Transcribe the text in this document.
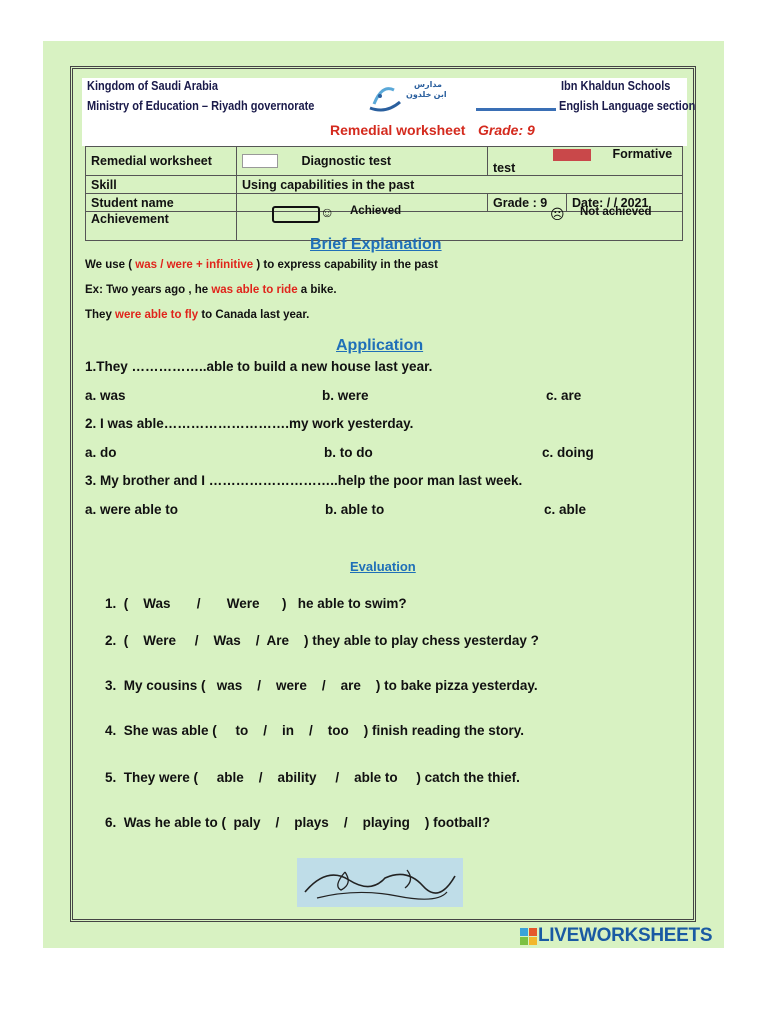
Kingdom of Saudi Arabia
Ministry of Education – Riyadh governorate
Ibn Khaldun Schools
English Language section
مدارس
ابن خلدون
Remedial worksheet Grade: 9
Remedial worksheet	Diagnostic test	Formative test	
Skill	Using capabilities in the past		
Student name		Grade : 9	Date: / / 2021
Achievement				☺ Achieved	☹ Not achieved
Brief Explanation
We use ( was / were + infinitive ) to express capability in the past
Ex: Two years ago , he was able to ride a bike.
They were able to fly to Canada last year.
Application
1.They ……………..able to build a new house last year.
a. was	b. were	c. are
2. I was able……………………….my work yesterday.
a. do	b. to do	c. doing
3. My brother and I ………………………..help the poor man last week.
a. were able to	b. able to	c. able
Evaluation
1.  (    Was       /       Were      )   he able to swim?
2.  (    Were     /    Was    /  Are    ) they able to play chess yesterday ?
3.  My cousins (   was    /    were    /    are    ) to bake pizza yesterday.
4.  She was able (     to    /    in    /    too    ) finish reading the story.
5.  They were (     able    /    ability     /    able to     ) catch the thief.
6.  Was he able to (  paly    /    plays    /    playing    ) football?
LIVEWORKSHEETS
